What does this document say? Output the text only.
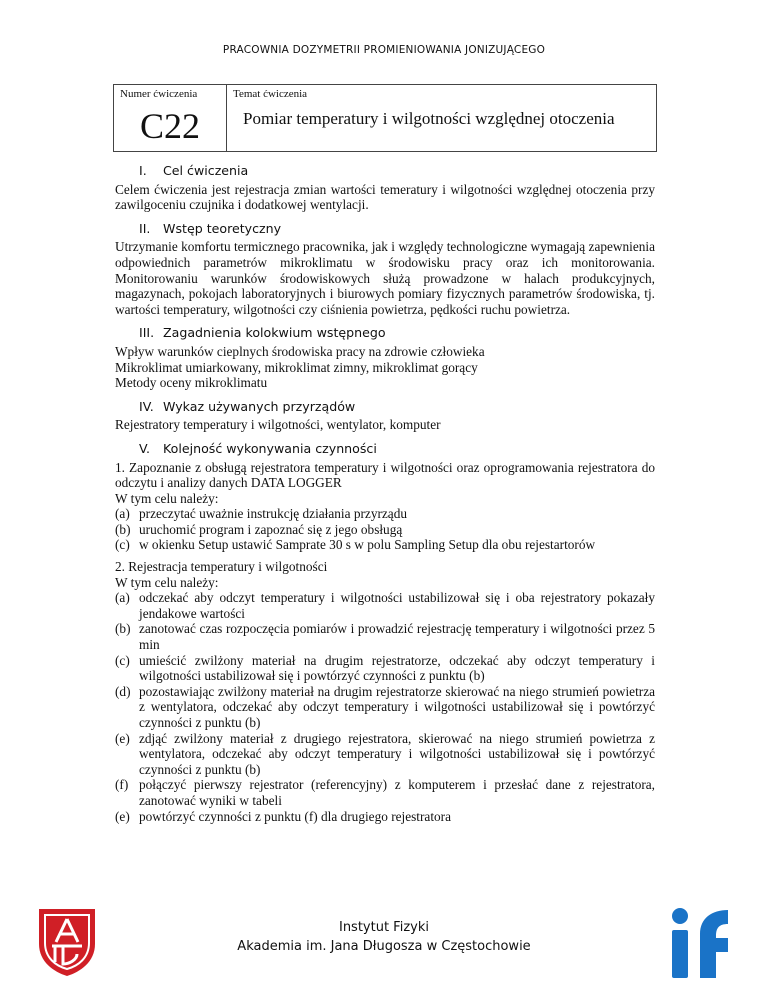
PRACOWNIA DOZYMETRII PROMIENIOWANIA JONIZUJĄCEGO
Numer ćwiczenia
C22
Temat ćwiczenia
Pomiar temperatury i wilgotności względnej otoczenia
I.	Cel ćwiczenia

Celem ćwiczenia jest rejestracja zmian wartości temeratury i wilgotności względnej otoczenia przy zawilgoceniu czujnika i dodatkowej wentylacji.

II. Wstęp teoretyczny

Utrzymanie komfortu termicznego pracownika, jak i względy technologiczne wymagają zapewnienia odpowiednich parametrów mikroklimatu w środowisku pracy oraz ich monitorowania. Monitorowaniu warunków środowiskowych służą prowadzone w halach produkcyjnych, magazynach, pokojach laboratoryjnych i biurowych pomiary fizycznych parametrów środowiska, tj. wartości temperatury, wilgotności czy ciśnienia powietrza, pędkości ruchu powietrza.

III. Zagadnienia kolokwium wstępnego
Wpływ warunków cieplnych środowiska pracy na zdrowie człowieka
Mikroklimat umiarkowany, mikroklimat zimny, mikroklimat gorący
Metody oceny mikroklimatu
IV. Wykaz używanych przyrządów

Rejestratory temperatury i wilgotności, wentylator, komputer

V.	Kolejność wykonywania czynności

1. Zapoznanie z obsługą rejestratora temperatury i wilgotności oraz oprogramowania rejestratora do odczytu i analizy danych DATA LOGGER

W tym celu należy:
(a) przeczytać uważnie instrukcję działania przyrządu
(b) uruchomić program i zapoznać się z jego obsługą
(c) w okienku Setup ustawić Samprate 30 s w polu Sampling Setup dla obu rejestartorów
2. Rejestracja temperatury i wilgotności
W tym celu należy:
(a) odczekać aby odczyt temperatury i wilgotności ustabilizował się i oba rejestratory pokazały jendakowe wartości
(b) zanotować czas rozpoczęcia pomiarów i prowadzić rejestrację temperatury i wilgotności przez 5 min
(c) umieścić zwilżony materiał na drugim rejestratorze, odczekać aby odczyt temperatury i wilgotności ustabilizował się i powtórzyć czynności z punktu (b)
(d) pozostawiając zwilżony materiał na drugim rejestratorze skierować na niego strumień powietrza z wentylatora, odczekać aby odczyt temperatury i wilgotności ustabilizował się i powtórzyć czynności z punktu (b)
(e) zdjąć zwilżony materiał z drugiego rejestratora, skierować na niego strumień powietrza z wentylatora, odczekać aby odczyt temperatury i wilgotności ustabilizował się i powtórzyć czynności z punktu (b)
(f) połączyć pierwszy rejestrator (referencyjny) z komputerem i przesłać dane z rejestratora, zanotować wyniki w tabeli
(e) powtórzyć czynności z punktu (f) dla drugiego rejestratora
Instytut Fizyki
Akademia im. Jana Długosza w Częstochowie
